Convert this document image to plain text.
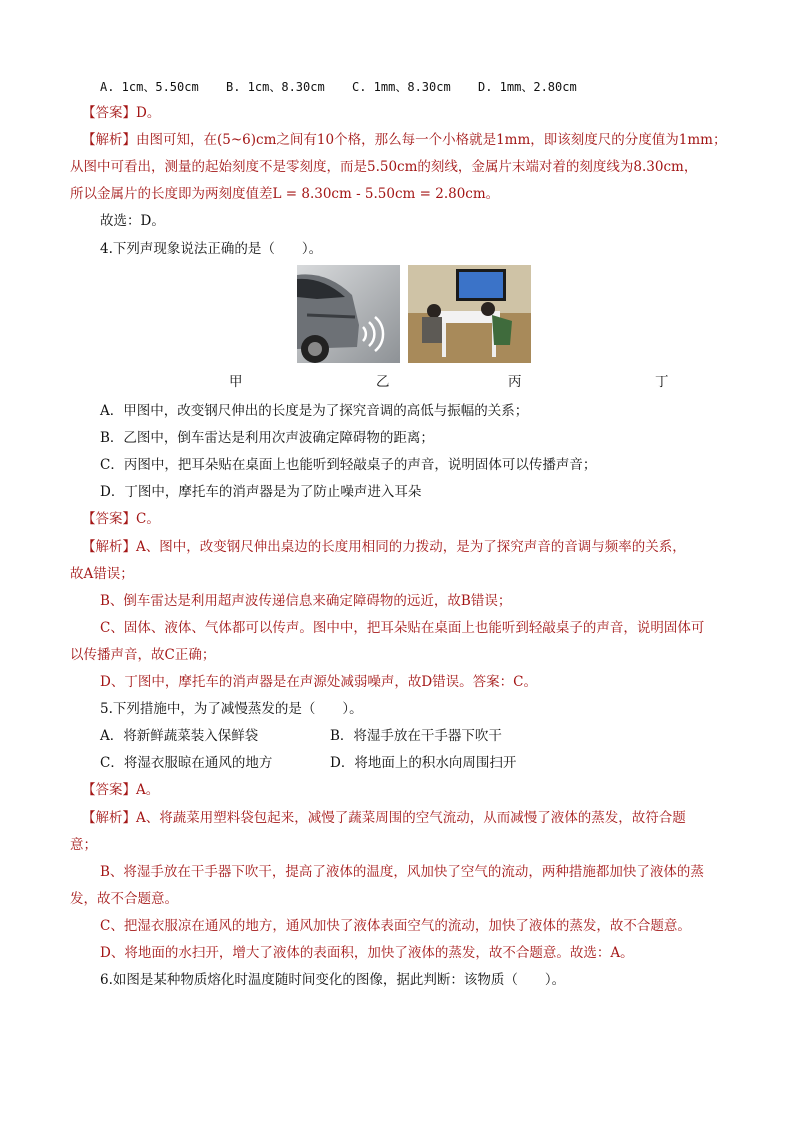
A. 1cm、5.50cm B. 1cm、8.30cm C. 1mm、8.30cm D. 1mm、2.80cm
【答案】D。
【解析】由图可知，在(5~6)cm之间有10个格，那么每一个小格就是1mm，即该刻度尺的分度值为1mm；
从图中可看出，测量的起始刻度不是零刻度，而是5.50cm的刻线，金属片末端对着的刻度线为8.30cm，
所以金属片的长度即为两刻度值差L = 8.30cm - 5.50cm = 2.80cm。
故选：D。
4.下列声现象说法正确的是（　　）。
甲	乙	丙	丁
A．甲图中，改变钢尺伸出的长度是为了探究音调的高低与振幅的关系；
B．乙图中，倒车雷达是利用次声波确定障碍物的距离；
C．丙图中，把耳朵贴在桌面上也能听到轻敲桌子的声音，说明固体可以传播声音；
D．丁图中，摩托车的消声器是为了防止噪声进入耳朵
【答案】C。
【解析】A、图中，改变钢尺伸出桌边的长度用相同的力拨动，是为了探究声音的音调与频率的关系，
故A错误；
B、倒车雷达是利用超声波传递信息来确定障碍物的远近，故B错误；
C、固体、液体、气体都可以传声。图中中，把耳朵贴在桌面上也能听到轻敲桌子的声音，说明固体可
以传播声音，故C正确；
D、丁图中，摩托车的消声器是在声源处减弱噪声，故D错误。答案：C。
5.下列措施中，为了减慢蒸发的是（　　）。
A．将新鲜蔬菜装入保鲜袋	B．将湿手放在干手器下吹干
C．将湿衣服晾在通风的地方	D．将地面上的积水向周围扫开
【答案】A。
【解析】A、将蔬菜用塑料袋包起来，减慢了蔬菜周围的空气流动，从而减慢了液体的蒸发，故符合题
意；
B、将湿手放在干手器下吹干，提高了液体的温度，风加快了空气的流动，两种措施都加快了液体的蒸
发，故不合题意。
C、把湿衣服凉在通风的地方，通风加快了液体表面空气的流动，加快了液体的蒸发，故不合题意。
D、将地面的水扫开，增大了液体的表面积，加快了液体的蒸发，故不合题意。故选：A。
6.如图是某种物质熔化时温度随时间变化的图像，据此判断：该物质（　　）。
